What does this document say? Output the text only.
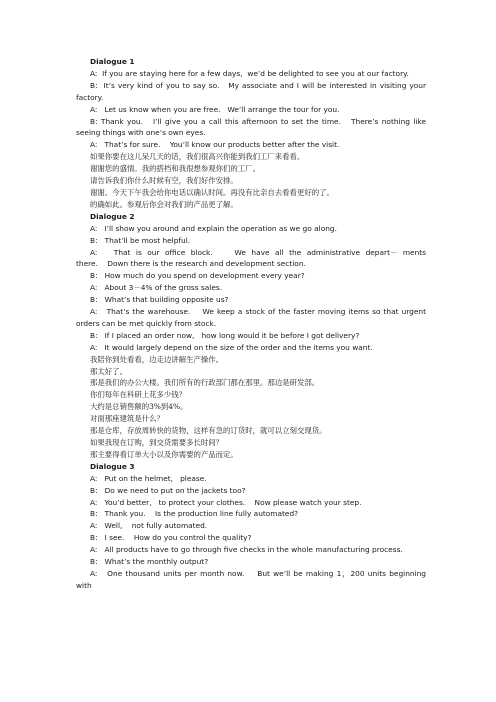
Dialogue 1

A:  If you are staying here for a few days,  we’d be delighted to see you at our factory.

B:  It’s very kind of you to say so.   My associate and I will be interested in visiting your factory.

A:   Let us know when you are free.   We’ll arrange the tour for you.

B: Thank you.   I’ll give you a call this afternoon to set the time.   There’s nothing like seeing things with one’s own eyes.

A:   That’s for sure.    You’ll know our products better after the visit.

如果你要在这儿呆几天的话，我们很高兴你能到我们工厂来看看。

谢谢您的盛情。我的搭档和我很想参观你们的工厂。

请告诉我们你什么时候有空，我们好作安排。

谢谢。今天下午我会给你电话以确认时间。再没有比亲自去看看更好的了。

的确如此。参观后你会对我们的产品更了解。

Dialogue 2

A:   I’ll show you around and explain the operation as we go along.

B:   That’ll be most helpful.

A:   That is our office block.    We have all the administrative depart－ ments there.    Down there is the research and development section.

B:   How much do you spend on development every year?

A:   About 3－4% of the gross sales.

B:   What’s that building opposite us?

A:   That’s the warehouse.    We keep a stock of the faster moving items so that urgent orders can be met quickly from stock.

B:   If I placed an order now,   how long would it be before I got delivery?

A:   It would largely depend on the size of the order and the items you want.

我陪你到处看看，边走边讲解生产操作。

那太好了。

那是我们的办公大楼。我们所有的行政部门都在那里。那边是研发部。

你们每年在科研上花多少钱？

大约是总销售额的3%到4%。

对面那座建筑是什么？

那是仓库，存放周转快的货物，这样有急的订货时，就可以立刻交现货。

如果我现在订购，到交货需要多长时间？

那主要得看订单大小以及你需要的产品而定。

Dialogue 3

A:   Put on the helmet,   please.

B:   Do we need to put on the jackets too?

A:   You’d better,   to protect your clothes.    Now please watch your step.

B:   Thank you.    Is the production line fully automated?

A:   Well,    not fully automated.

B:   I see.    How do you control the quality?

A:   All products have to go through five checks in the whole manufacturing process.

B:   What’s the monthly output?

A:   One thousand units per month now.    But we’ll be making 1，200 units beginning with
